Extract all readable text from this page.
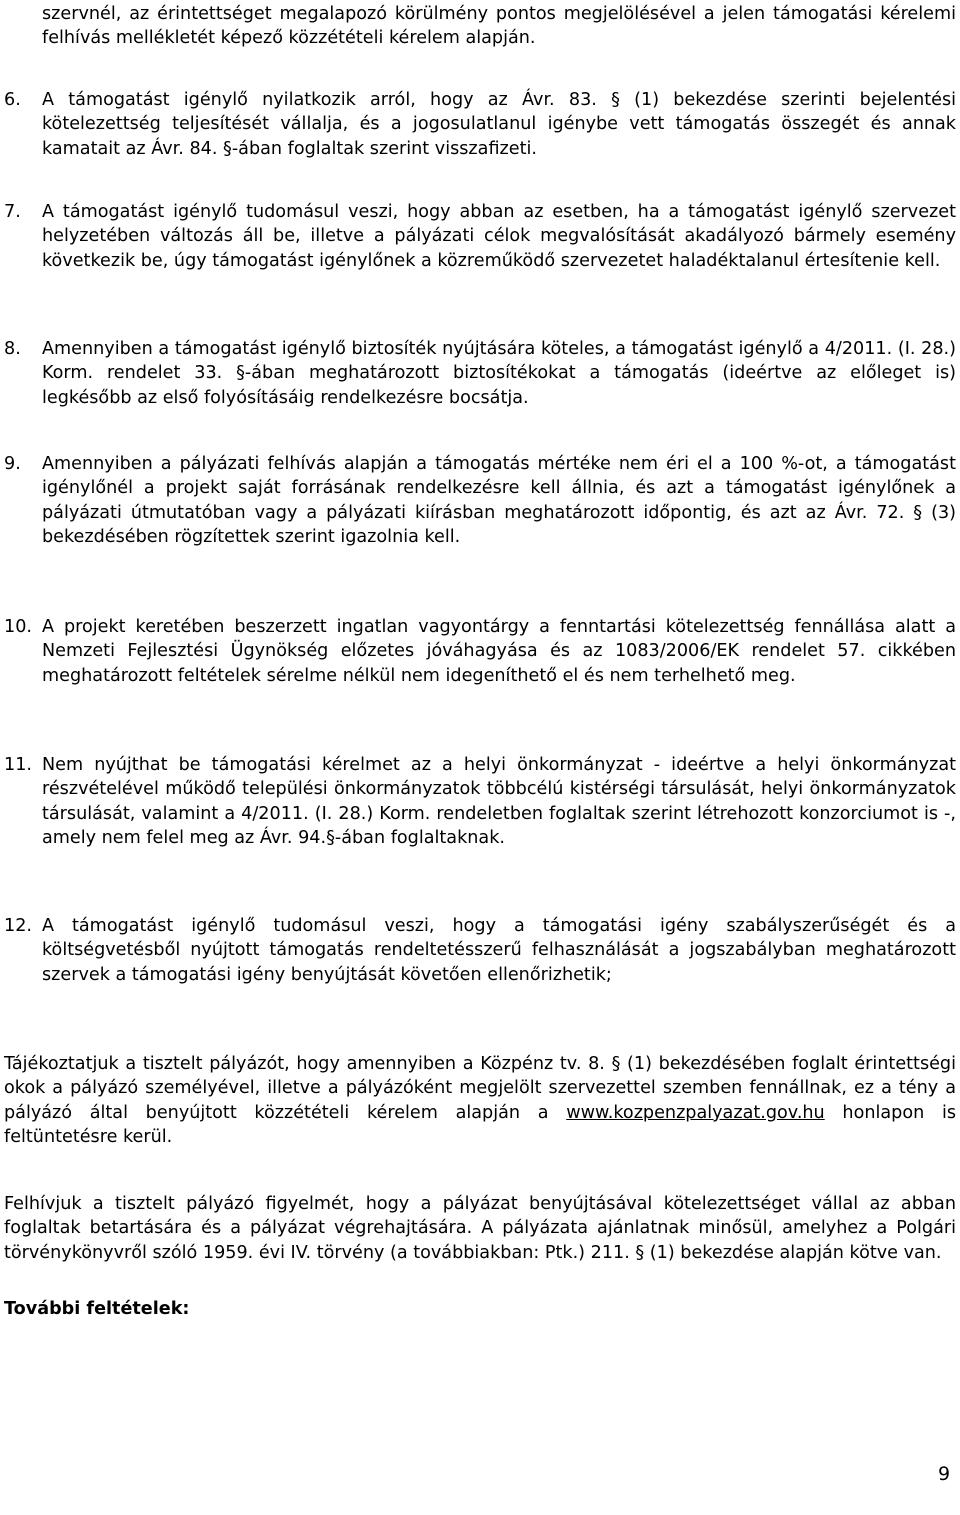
szervnél, az érintettséget megalapozó körülmény pontos megjelölésével a jelen támogatási kérelemi felhívás mellékletét képező közzétételi kérelem alapján.

6. A támogatást igénylő nyilatkozik arról, hogy az Ávr. 83. § (1) bekezdése szerinti bejelentési kötelezettség teljesítését vállalja, és a jogosulatlanul igénybe vett támogatás összegét és annak kamatait az Ávr. 84. §-ában foglaltak szerint visszafizeti.

7. A támogatást igénylő tudomásul veszi, hogy abban az esetben, ha a támogatást igénylő szervezet helyzetében változás áll be, illetve a pályázati célok megvalósítását akadályozó bármely esemény következik be, úgy támogatást igénylőnek a közreműködő szervezetet haladéktalanul értesítenie kell.

8. Amennyiben a támogatást igénylő biztosíték nyújtására köteles, a támogatást igénylő a 4/2011. (I. 28.) Korm. rendelet 33. §-ában meghatározott biztosítékokat a támogatás (ideértve az előleget is) legkésőbb az első folyósításáig rendelkezésre bocsátja.

9. Amennyiben a pályázati felhívás alapján a támogatás mértéke nem éri el a 100 %-ot, a támogatást igénylőnél a projekt saját forrásának rendelkezésre kell állnia, és azt a támogatást igénylőnek a pályázati útmutatóban vagy a pályázati kiírásban meghatározott időpontig, és azt az Ávr. 72. § (3) bekezdésében rögzítettek szerint igazolnia kell.

10. A projekt keretében beszerzett ingatlan vagyontárgy a fenntartási kötelezettség fennállása alatt a Nemzeti Fejlesztési Ügynökség előzetes jóváhagyása és az 1083/2006/EK rendelet 57. cikkében meghatározott feltételek sérelme nélkül nem idegeníthető el és nem terhelhető meg.

11. Nem nyújthat be támogatási kérelmet az a helyi önkormányzat - ideértve a helyi önkormányzat részvételével működő települési önkormányzatok többcélú kistérségi társulását, helyi önkormányzatok társulását, valamint a 4/2011. (I. 28.) Korm. rendeletben foglaltak szerint létrehozott konzorciumot is -, amely nem felel meg az Ávr. 94.§-ában foglaltaknak.

12. A támogatást igénylő tudomásul veszi, hogy a támogatási igény szabályszerűségét és a költségvetésből nyújtott támogatás rendeltetésszerű felhasználását a jogszabályban meghatározott szervek a támogatási igény benyújtását követően ellenőrizhetik;

Tájékoztatjuk a tisztelt pályázót, hogy amennyiben a Közpénz tv. 8. § (1) bekezdésében foglalt érintettségi okok a pályázó személyével, illetve a pályázóként megjelölt szervezettel szemben fennállnak, ez a tény a pályázó által benyújtott közzétételi kérelem alapján a www.kozpenzpalyazat.gov.hu honlapon is feltüntetésre kerül.

Felhívjuk a tisztelt pályázó figyelmét, hogy a pályázat benyújtásával kötelezettséget vállal az abban foglaltak betartására és a pályázat végrehajtására. A pályázata ajánlatnak minősül, amelyhez a Polgári törvénykönyvről szóló 1959. évi IV. törvény (a továbbiakban: Ptk.) 211. § (1) bekezdése alapján kötve van.

További feltételek:

9
